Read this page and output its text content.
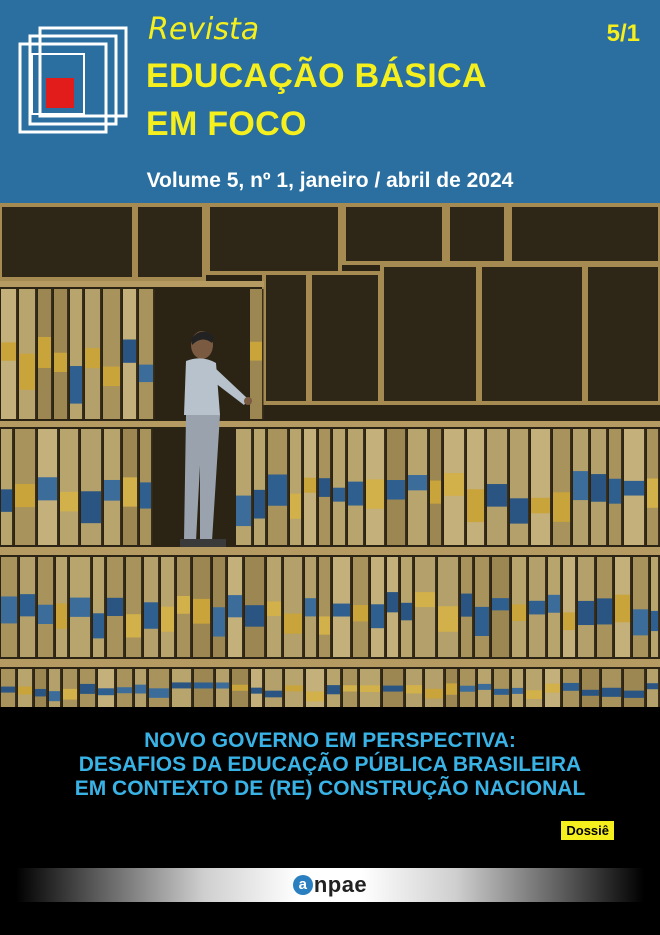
Revista
EDUCAÇÃO BÁSICA
EM FOCO
5/1
Volume 5, nº 1, janeiro / abril de 2024
NOVO GOVERNO EM PERSPECTIVA:
DESAFIOS DA EDUCAÇÃO PÚBLICA BRASILEIRA
EM CONTEXTO DE (RE) CONSTRUÇÃO NACIONAL
Dossiê
a npae
